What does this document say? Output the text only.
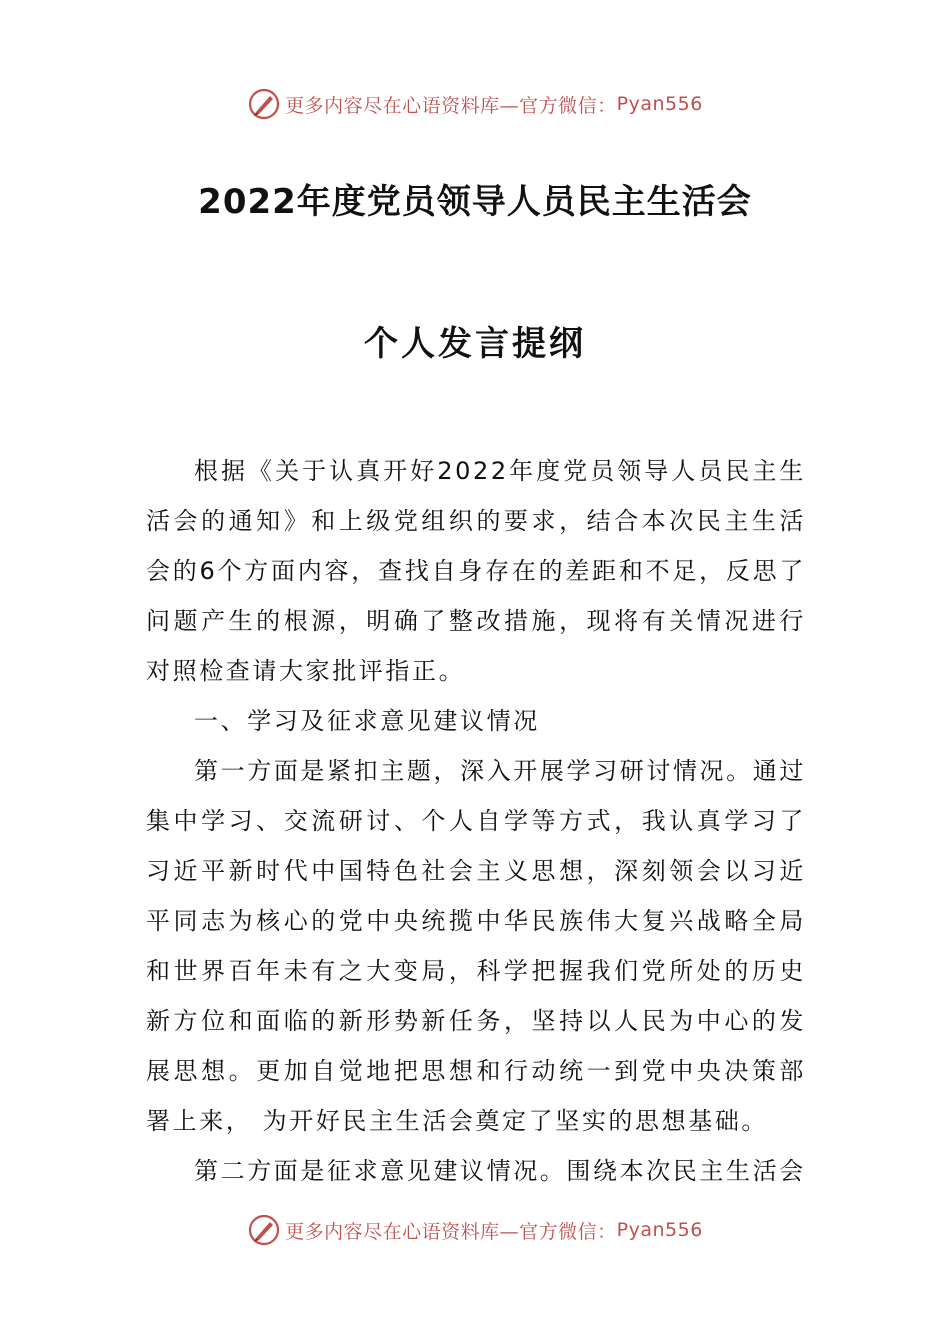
更多内容尽在心语资料库—官方微信： Pyan556
2022年度党员领导人员民主生活会
个人发言提纲

根据《关于认真开好2022年度党员领导人员民主生活会的通知》和上级党组织的要求，结合本次民主生活会的6个方面内容，查找自身存在的差距和不足，反思了问题产生的根源，明确了整改措施，现将有关情况进行对照检查请大家批评指正。

一、学习及征求意见建议情况

第一方面是紧扣主题，深入开展学习研讨情况。通过集中学习、交流研讨、个人自学等方式，我认真学习了习近平新时代中国特色社会主义思想，深刻领会以习近平同志为核心的党中央统揽中华民族伟大复兴战略全局和世界百年未有之大变局，科学把握我们党所处的历史新方位和面临的新形势新任务，坚持以人民为中心的发展思想。更加自觉地把思想和行动统一到党中央决策部署上来， 为开好民主生活会奠定了坚实的思想基础。

第二方面是征求意见建议情况。围绕本次民主生活会

更多内容尽在心语资料库—官方微信： Pyan556
